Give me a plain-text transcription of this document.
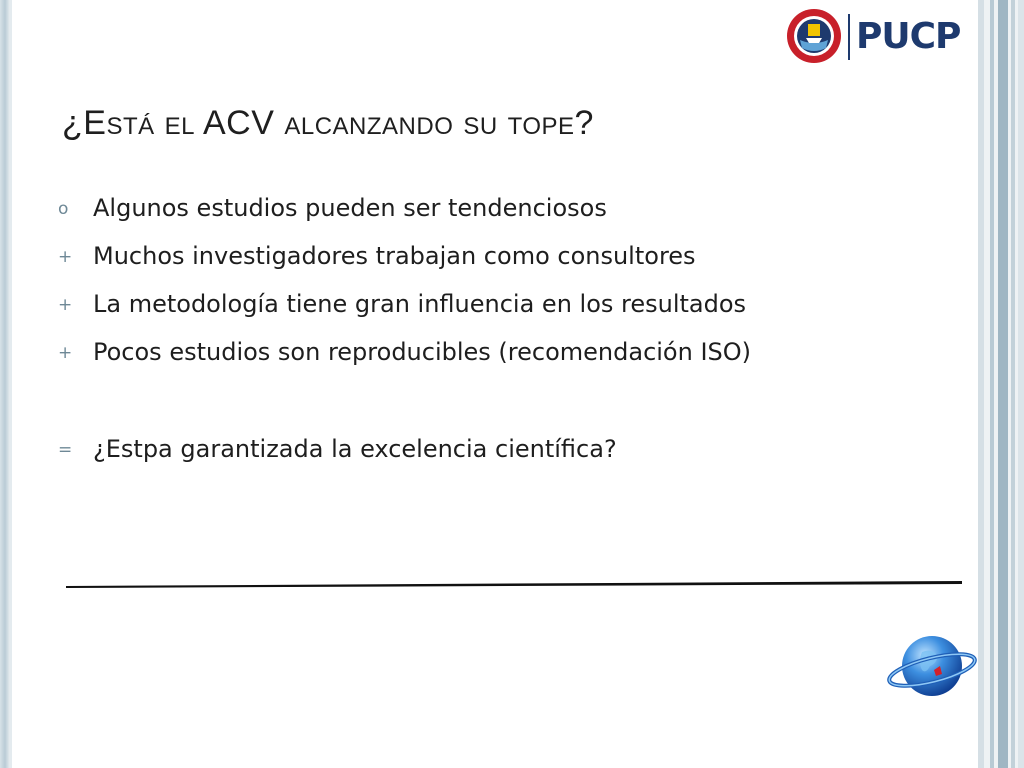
PUCP
¿Está el ACV alcanzando su tope?
o	Algunos estudios pueden ser tendenciosos
+ Muchos investigadores trabajan como consultores
+ La metodología tiene gran influencia en los resultados
+ Pocos estudios son reproducibles (recomendación ISO)
= ¿Estpa garantizada la excelencia científica?
